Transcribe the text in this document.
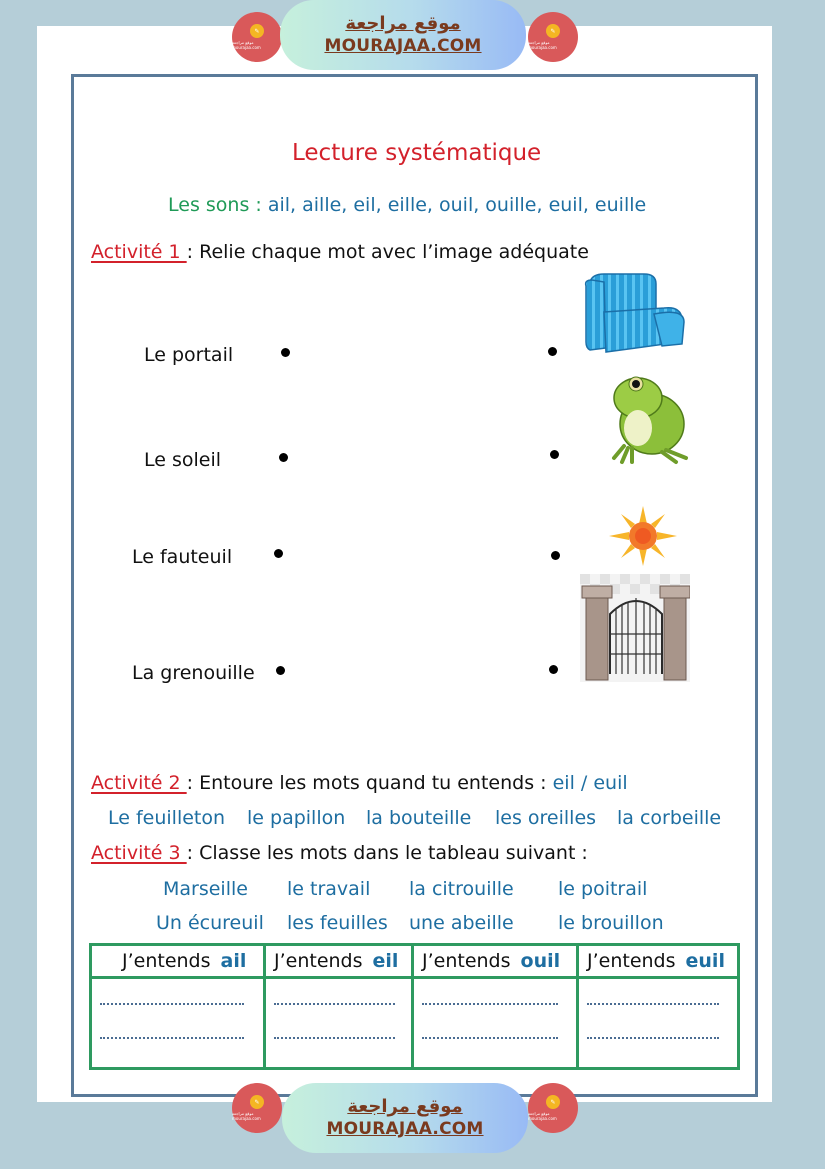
✎
موقع مراجعة mourajaa.com
موقع مراجعة
MOURAJAA.COM
✎
موقع مراجعة mourajaa.com
Lecture systématique
Les sons : ail, aille, eil, eille, ouil, ouille, euil, euille
Activité 1 : Relie chaque mot avec l’image adéquate
Le portail
Le soleil
Le fauteuil
La grenouille
Activité 2 : Entoure les mots quand tu entends : eil / euil
Le feuilleton le papillon la bouteille les oreilles la corbeille
Activité 3 : Classe les mots dans le tableau suivant :
Marseille le travail la citrouille le poitrail
Un écureuil les feuilles une abeille le brouillon
J’entends ail	J’entends eil	J’entends ouil	J’entends euil

✎
موقع مراجعة mourajaa.com
موقع مراجعة
MOURAJAA.COM
✎
موقع مراجعة mourajaa.com
